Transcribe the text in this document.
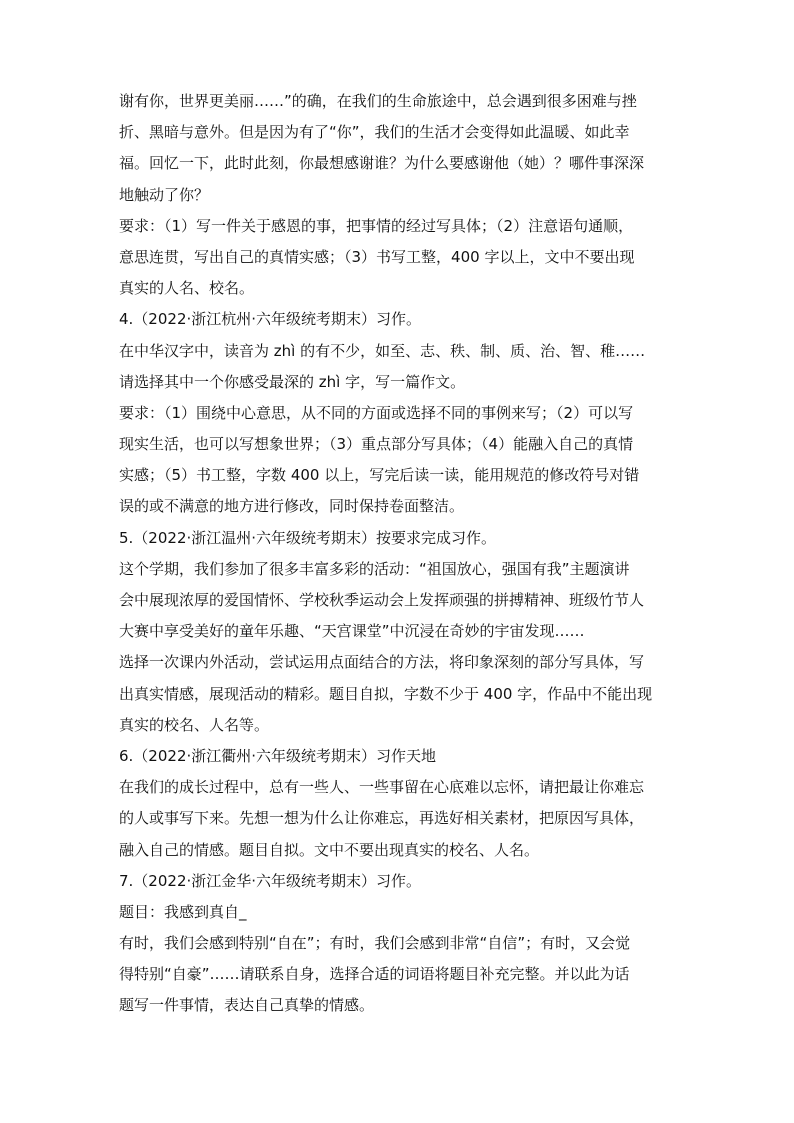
谢有你，世界更美丽……”的确，在我们的生命旅途中，总会遇到很多困难与挫
折、黑暗与意外。但是因为有了“你”，我们的生活才会变得如此温暖、如此幸
福。回忆一下，此时此刻，你最想感谢谁？为什么要感谢他（她）？哪件事深深
地触动了你？
要求：（1）写一件关于感恩的事，把事情的经过写具体；（2）注意语句通顺，
意思连贯，写出自己的真情实感；（3）书写工整，400 字以上，文中不要出现
真实的人名、校名。
4.（2022·浙江杭州·六年级统考期末）习作。
在中华汉字中，读音为 zhì 的有不少，如至、志、秩、制、质、治、智、稚……
请选择其中一个你感受最深的 zhì 字，写一篇作文。
要求：（1）围绕中心意思，从不同的方面或选择不同的事例来写；（2）可以写
现实生活，也可以写想象世界；（3）重点部分写具体；（4）能融入自己的真情
实感；（5）书工整，字数 400 以上，写完后读一读，能用规范的修改符号对错
误的或不满意的地方进行修改，同时保持卷面整洁。
5.（2022·浙江温州·六年级统考期末）按要求完成习作。
这个学期，我们参加了很多丰富多彩的活动：“祖国放心，强国有我”主题演讲
会中展现浓厚的爱国情怀、学校秋季运动会上发挥顽强的拼搏精神、班级竹节人
大赛中享受美好的童年乐趣、“天宫课堂”中沉浸在奇妙的宇宙发现……
选择一次课内外活动，尝试运用点面结合的方法，将印象深刻的部分写具体，写
出真实情感，展现活动的精彩。题目自拟，字数不少于 400 字，作品中不能出现
真实的校名、人名等。
6.（2022·浙江衢州·六年级统考期末）习作天地
在我们的成长过程中，总有一些人、一些事留在心底难以忘怀，请把最让你难忘
的人或事写下来。先想一想为什么让你难忘，再选好相关素材，把原因写具体，
融入自己的情感。题目自拟。文中不要出现真实的校名、人名。
7.（2022·浙江金华·六年级统考期末）习作。
题目：我感到真自_
有时，我们会感到特别“自在”；有时，我们会感到非常“自信”；有时，又会觉
得特别“自豪”……请联系自身，选择合适的词语将题目补充完整。并以此为话
题写一件事情，表达自己真挚的情感。
